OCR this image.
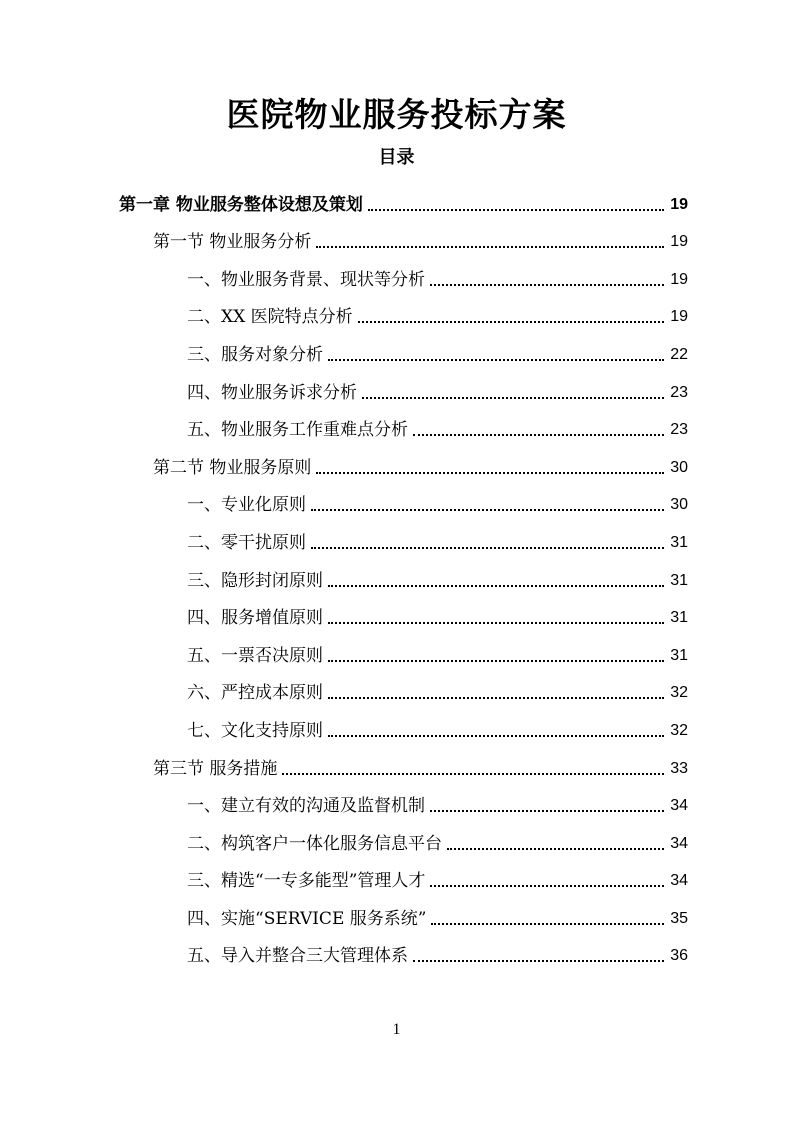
医院物业服务投标方案
目录
第一章 物业服务整体设想及策划	19
第一节 物业服务分析	19
一、物业服务背景、现状等分析	19
二、XX 医院特点分析	19
三、服务对象分析	22
四、物业服务诉求分析	23
五、物业服务工作重难点分析	23
第二节 物业服务原则	30
一、专业化原则	30
二、零干扰原则	31
三、隐形封闭原则	31
四、服务增值原则	31
五、一票否决原则	31
六、严控成本原则	32
七、文化支持原则	32
第三节 服务措施	33
一、建立有效的沟通及监督机制	34
二、构筑客户一体化服务信息平台	34
三、精选“一专多能型”管理人才	34
四、实施“SERVICE 服务系统”	35
五、导入并整合三大管理体系	36
1
